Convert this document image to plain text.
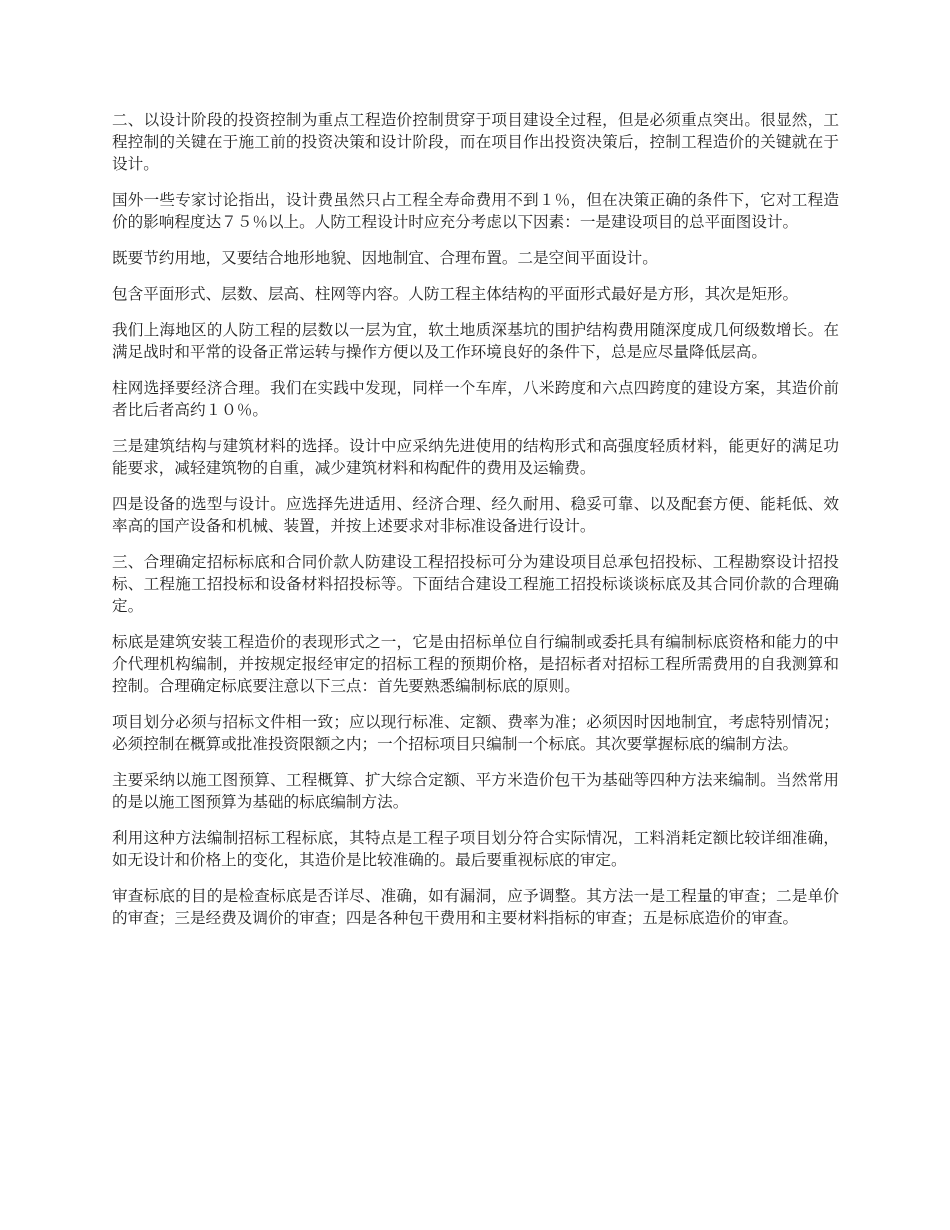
二、以设计阶段的投资控制为重点工程造价控制贯穿于项目建设全过程，但是必须重点突出。很显然，工程控制的关键在于施工前的投资决策和设计阶段，而在项目作出投资决策后，控制工程造价的关键就在于设计。

国外一些专家讨论指出，设计费虽然只占工程全寿命费用不到１％，但在决策正确的条件下，它对工程造价的影响程度达７５％以上。人防工程设计时应充分考虑以下因素：一是建设项目的总平面图设计。

既要节约用地，又要结合地形地貌、因地制宜、合理布置。二是空间平面设计。

包含平面形式、层数、层高、柱网等内容。人防工程主体结构的平面形式最好是方形，其次是矩形。

我们上海地区的人防工程的层数以一层为宜，软土地质深基坑的围护结构费用随深度成几何级数增长。在满足战时和平常的设备正常运转与操作方便以及工作环境良好的条件下，总是应尽量降低层高。

柱网选择要经济合理。我们在实践中发现，同样一个车库，八米跨度和六点四跨度的建设方案，其造价前者比后者高约１０％。

三是建筑结构与建筑材料的选择。设计中应采纳先进使用的结构形式和高强度轻质材料，能更好的满足功能要求，减轻建筑物的自重，减少建筑材料和构配件的费用及运输费。

四是设备的选型与设计。应选择先进适用、经济合理、经久耐用、稳妥可靠、以及配套方便、能耗低、效率高的国产设备和机械、装置，并按上述要求对非标准设备进行设计。

三、合理确定招标标底和合同价款人防建设工程招投标可分为建设项目总承包招投标、工程勘察设计招投标、工程施工招投标和设备材料招投标等。下面结合建设工程施工招投标谈谈标底及其合同价款的合理确定。

标底是建筑安装工程造价的表现形式之一，它是由招标单位自行编制或委托具有编制标底资格和能力的中介代理机构编制，并按规定报经审定的招标工程的预期价格，是招标者对招标工程所需费用的自我测算和控制。合理确定标底要注意以下三点：首先要熟悉编制标底的原则。

项目划分必须与招标文件相一致；应以现行标准、定额、费率为准；必须因时因地制宜，考虑特别情况；必须控制在概算或批准投资限额之内；一个招标项目只编制一个标底。其次要掌握标底的编制方法。

主要采纳以施工图预算、工程概算、扩大综合定额、平方米造价包干为基础等四种方法来编制。当然常用的是以施工图预算为基础的标底编制方法。

利用这种方法编制招标工程标底，其特点是工程子项目划分符合实际情况，工料消耗定额比较详细准确，如无设计和价格上的变化，其造价是比较准确的。最后要重视标底的审定。

审查标底的目的是检查标底是否详尽、准确，如有漏洞，应予调整。其方法一是工程量的审查；二是单价的审查；三是经费及调价的审查；四是各种包干费用和主要材料指标的审查；五是标底造价的审查。
